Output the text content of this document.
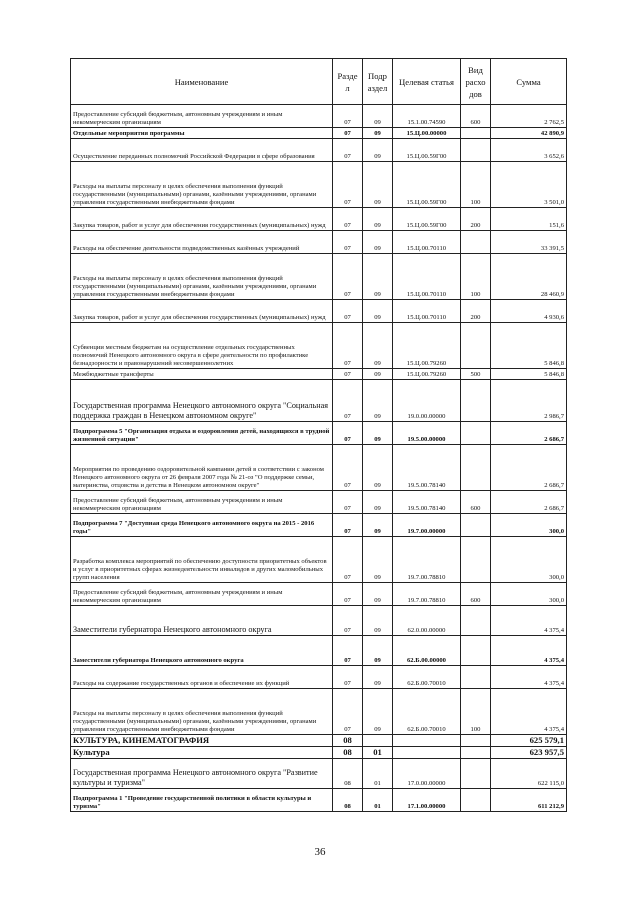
Наименование	Разде л	Подр аздел	Целевая статья	Вид расхо дов	Сумма
Предоставление субсидий бюджетным, автономным учреждениям и иным некоммерческим организациям	07	09	15.1.00.74590	600	2 762,5
Отдельные мероприятия программы	07	09	15.Ц.00.00000		42 890,9
Осуществление переданных полномочий Российской Федерации в сфере образования	07	09	15.Ц.00.59Г00		3 652,6
Расходы на выплаты персоналу в целях обеспечения выполнения функций государственными (муниципальными) органами, казёнными учреждениями, органами управления государственными внебюджетными фондами	07	09	15.Ц.00.59Г00	100	3 501,0
Закупка товаров, работ и услуг для обеспечения государственных (муниципальных) нужд	07	09	15.Ц.00.59Г00	200	151,6
Расходы на обеспечение деятельности подведомственных казённых учреждений	07	09	15.Ц.00.70110		33 391,5
Расходы на выплаты персоналу в целях обеспечения выполнения функций государственными (муниципальными) органами, казёнными учреждениями, органами управления государственными внебюджетными фондами	07	09	15.Ц.00.70110	100	28 460,9
Закупка товаров, работ и услуг для обеспечения государственных (муниципальных) нужд	07	09	15.Ц.00.70110	200	4 930,6
Субвенции местным бюджетам на осуществление отдельных государственных полномочий Ненецкого автономного округа в сфере деятельности по профилактике безнадзорности и правонарушений несовершеннолетних	07	09	15.Ц.00.79260		5 846,8
Межбюджетные трансферты	07	09	15.Ц.00.79260	500	5 846,8
Государственная программа Ненецкого автономного округа "Социальная поддержка граждан в Ненецком автономном округе"	07	09	19.0.00.00000		2 986,7
Подпрограмма 5 "Организация отдыха и оздоровления детей, находящихся в трудной жизненной ситуации"	07	09	19.5.00.00000		2 686,7
Мероприятия по проведению оздоровительной кампании детей в соответствии с законом Ненецкого автономного округа от 26 февраля 2007 года № 21-оз "О поддержке семьи, материнства, отцовства и детства в Ненецком автономном округе"	07	09	19.5.00.78140		2 686,7
Предоставление субсидий бюджетным, автономным учреждениям и иным некоммерческим организациям	07	09	19.5.00.78140	600	2 686,7
Подпрограмма 7 "Доступная среда Ненецкого автономного округа на 2015 - 2016 годы"	07	09	19.7.00.00000		300,0
Разработка комплекса мероприятий по обеспечению доступности приоритетных объектов и услуг в приоритетных сферах жизнедеятельности инвалидов и других маломобильных групп населения	07	09	19.7.00.78810		300,0
Предоставление субсидий бюджетным, автономным учреждениям и иным некоммерческим организациям	07	09	19.7.00.78810	600	300,0
Заместители губернатора Ненецкого автономного округа	07	09	62.0.00.00000		4 375,4
Заместители губернатора Ненецкого автономного округа	07	09	62.Б.00.00000		4 375,4
Расходы на содержание государственных органов и обеспечение их функций	07	09	62.Б.00.70010		4 375,4
Расходы на выплаты персоналу в целях обеспечения выполнения функций государственными (муниципальными) органами, казёнными учреждениями, органами управления государственными внебюджетными фондами	07	09	62.Б.00.70010	100	4 375,4
КУЛЬТУРА, КИНЕМАТОГРАФИЯ	08				625 579,1
Культура	08	01			623 957,5
Государственная программа Ненецкого автономного округа "Развитие культуры и туризма"	08	01	17.0.00.00000		622 115,0
Подпрограмма 1 "Проведение государственной политики в области культуры и туризма"	08	01	17.1.00.00000		611 212,9
36
